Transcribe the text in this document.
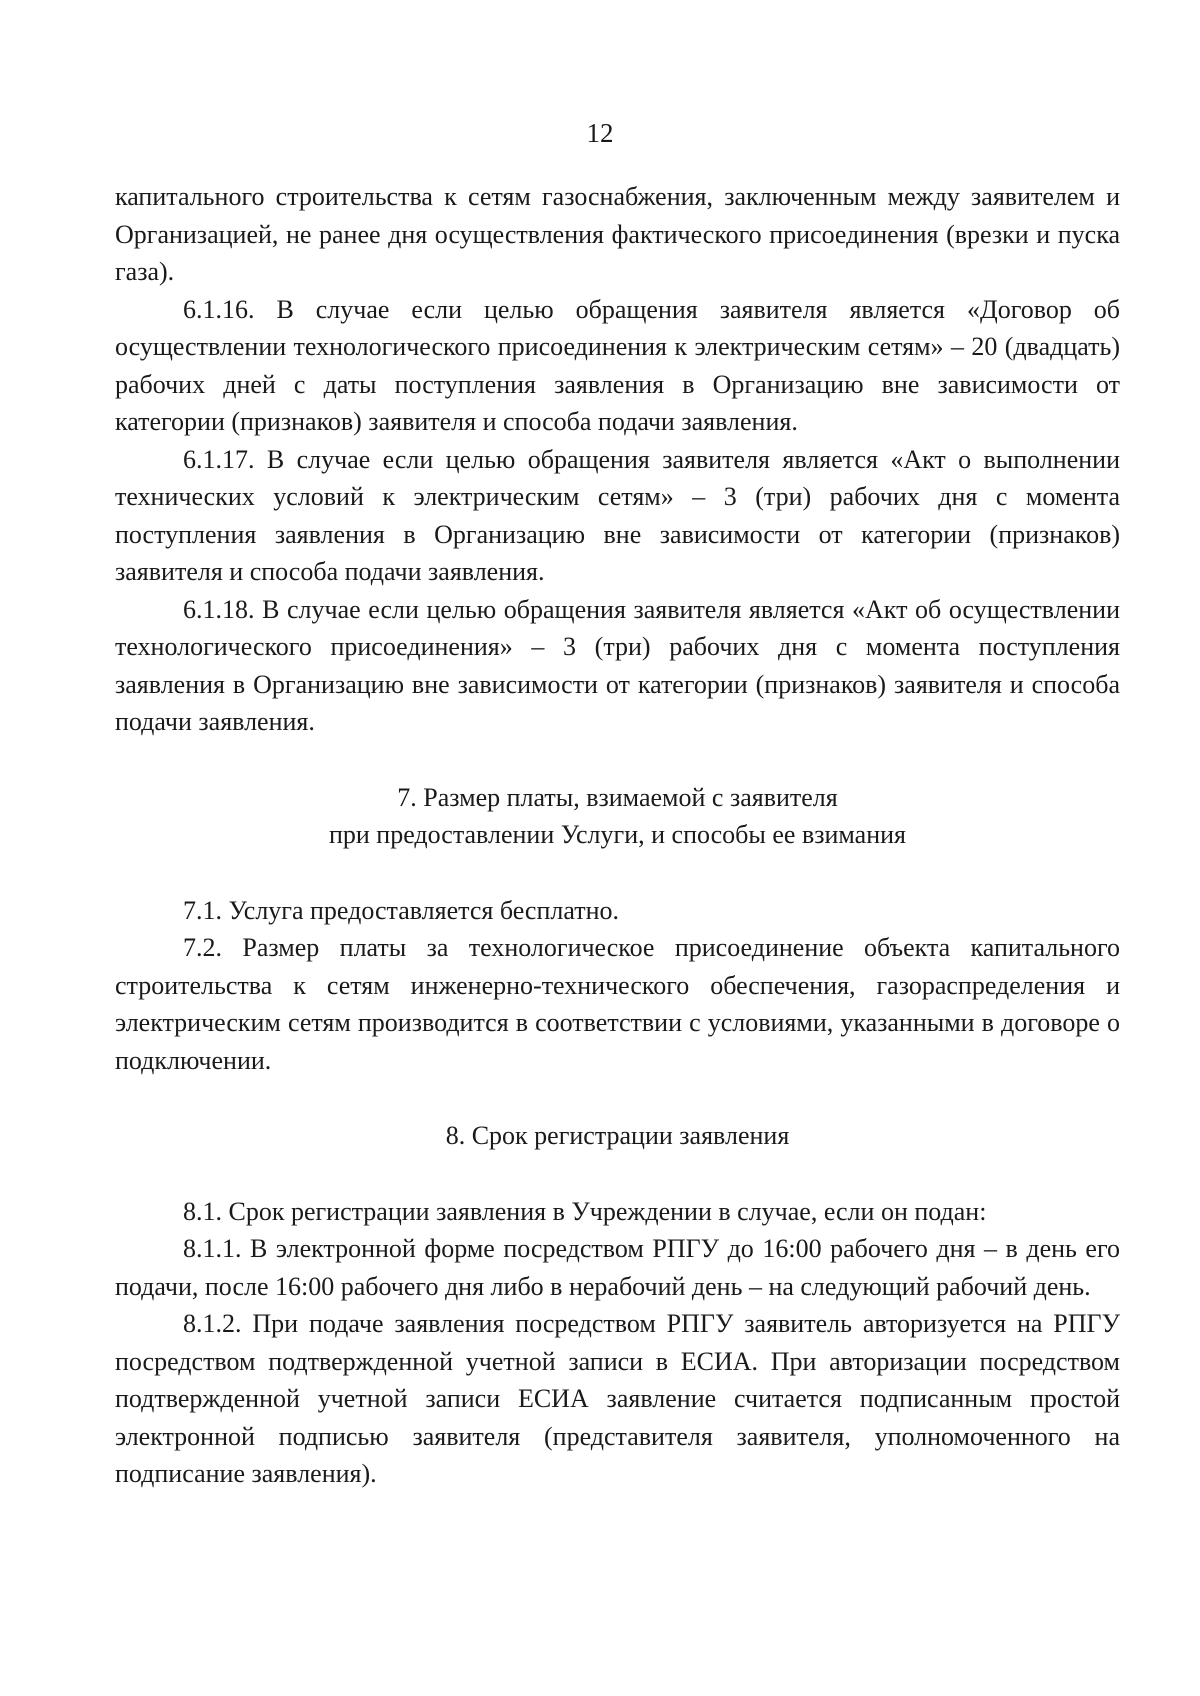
12

капитального строительства к сетям газоснабжения, заключенным между заявителем и Организацией, не ранее дня осуществления фактического присоединения (врезки и пуска газа).

6.1.16. В случае если целью обращения заявителя является «Договор об осуществлении технологического присоединения к электрическим сетям» – 20 (двадцать) рабочих дней с даты поступления заявления в Организацию вне зависимости от категории (признаков) заявителя и способа подачи заявления.

6.1.17. В случае если целью обращения заявителя является «Акт о выполнении технических условий к электрическим сетям» – 3 (три) рабочих дня с момента поступления заявления в Организацию вне зависимости от категории (признаков) заявителя и способа подачи заявления.

6.1.18. В случае если целью обращения заявителя является «Акт об осуществлении технологического присоединения» – 3 (три) рабочих дня с момента поступления заявления в Организацию вне зависимости от категории (признаков) заявителя и способа подачи заявления.

7. Размер платы, взимаемой с заявителя

при предоставлении Услуги, и способы ее взимания

7.1. Услуга предоставляется бесплатно.

7.2. Размер платы за технологическое присоединение объекта капитального строительства к сетям инженерно-технического обеспечения, газораспределения и электрическим сетям производится в соответствии с условиями, указанными в договоре о подключении.

8. Срок регистрации заявления

8.1. Срок регистрации заявления в Учреждении в случае, если он подан:

8.1.1. В электронной форме посредством РПГУ до 16:00 рабочего дня – в день его подачи, после 16:00 рабочего дня либо в нерабочий день – на следующий рабочий день.

8.1.2. При подаче заявления посредством РПГУ заявитель авторизуется на РПГУ посредством подтвержденной учетной записи в ЕСИА. При авторизации посредством подтвержденной учетной записи ЕСИА заявление считается подписанным простой электронной подписью заявителя (представителя заявителя, уполномоченного на подписание заявления).
